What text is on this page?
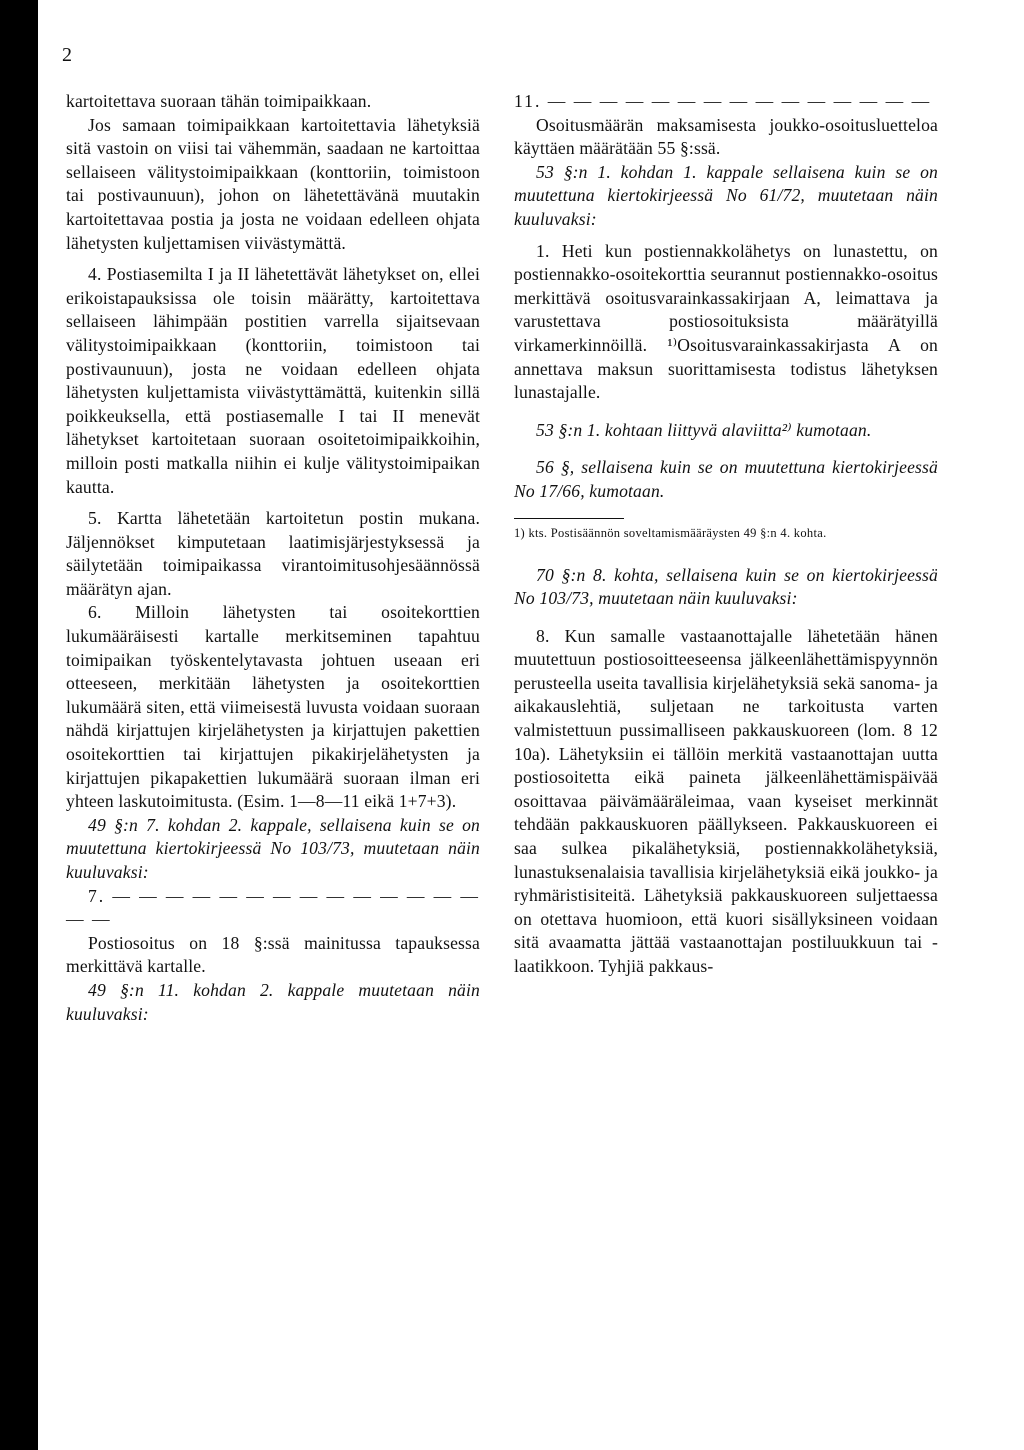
2

kartoitettava suoraan tähän toimipaikkaan.

Jos samaan toimipaikkaan kartoitettavia lähetyksiä sitä vastoin on viisi tai vähemmän, saadaan ne kartoittaa sellaiseen välitystoimipaikkaan (konttoriin, toimistoon tai postivaunuun), johon on lähetettävänä muutakin kartoitettavaa postia ja josta ne voidaan edelleen ohjata lähetysten kuljettamisen viivästymättä.

4. Postiasemilta I ja II lähetettävät lähetykset on, ellei erikoistapauksissa ole toisin määrätty, kartoitettava sellaiseen lähimpään postitien varrella sijaitsevaan välitystoimipaikkaan (konttoriin, toimistoon tai postivaunuun), josta ne voidaan edelleen ohjata lähetysten kuljettamista viivästyttämättä, kuitenkin sillä poikkeuksella, että postiasemalle I tai II menevät lähetykset kartoitetaan suoraan osoitetoimipaikkoihin, milloin posti matkalla niihin ei kulje välitystoimipaikan kautta.

5. Kartta lähetetään kartoitetun postin mukana. Jäljennökset kimputetaan laatimisjärjestyksessä ja säilytetään toimipaikassa virantoimitusohjesäännössä määrätyn ajan.

6. Milloin lähetysten tai osoitekorttien lukumääräisesti kartalle merkitseminen tapahtuu toimipaikan työskentelytavasta johtuen useaan eri otteeseen, merkitään lähetysten ja osoitekorttien lukumäärä siten, että viimeisestä luvusta voidaan suoraan nähdä kirjattujen kirjelähetysten ja kirjattujen pakettien osoitekorttien tai kirjattujen pikakirjelähetysten ja kirjattujen pikapakettien lukumäärä suoraan ilman eri yhteen laskutoimitusta. (Esim. 1—8—11 eikä 1+7+3).

49 §:n 7. kohdan 2. kappale, sellaisena kuin se on muutettuna kiertokirjeessä No 103/73, muutetaan näin kuuluvaksi:

7. — — — — — — — — — — — — — — — —

Postiosoitus on 18 §:ssä mainitussa tapauksessa merkittävä kartalle.

49 §:n 11. kohdan 2. kappale muutetaan näin kuuluvaksi:

11. — — — — — — — — — — — — — — —

Osoitusmäärän maksamisesta joukko-osoitusluetteloa käyttäen määrätään 55 §:ssä.

53 §:n 1. kohdan 1. kappale sellaisena kuin se on muutettuna kiertokirjeessä No 61/72, muutetaan näin kuuluvaksi:

1. Heti kun postiennakkolähetys on lunastettu, on postiennakko-osoitekorttia seurannut postiennakko-osoitus merkittävä osoitusvarainkassakirjaan A, leimattava ja varustettava postiosoituksista määrätyillä virkamerkinnöillä. ¹⁾Osoitusvarainkassakirjasta A on annettava maksun suorittamisesta todistus lähetyksen lunastajalle.

53 §:n 1. kohtaan liittyvä alaviitta²⁾ kumotaan.

56 §, sellaisena kuin se on muutettuna kiertokirjeessä No 17/66, kumotaan.

1) kts. Postisäännön soveltamismääräysten 49 §:n 4. kohta.

70 §:n 8. kohta, sellaisena kuin se on kiertokirjeessä No 103/73, muutetaan näin kuuluvaksi:

8. Kun samalle vastaanottajalle lähetetään hänen muutettuun postiosoitteeseensa jälkeenlähettämispyynnön perusteella useita tavallisia kirjelähetyksiä sekä sanoma- ja aikakauslehtiä, suljetaan ne tarkoitusta varten valmistettuun pussimalliseen pakkauskuoreen (lom. 8 12 10a). Lähetyksiin ei tällöin merkitä vastaanottajan uutta postiosoitetta eikä paineta jälkeenlähettämispäivää osoittavaa päivämääräleimaa, vaan kyseiset merkinnät tehdään pakkauskuoren päällykseen. Pakkauskuoreen ei saa sulkea pikalähetyksiä, postiennakkolähetyksiä, lunastuksenalaisia tavallisia kirjelähetyksiä eikä joukko- ja ryhmäristisiteitä. Lähetyksiä pakkauskuoreen suljettaessa on otettava huomioon, että kuori sisällyksineen voidaan sitä avaamatta jättää vastaanottajan postiluukkuun tai -laatikkoon. Tyhjiä pakkaus-
